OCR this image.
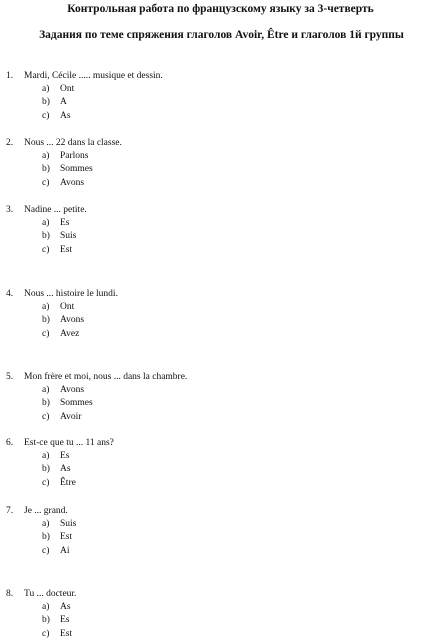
Контрольная работа по французскому языку за 3-четверть
Задания по теме спряжения глаголов Avoir, Être и глаголов 1й группы
1. Mardi, Cécile ..... musique et dessin.
a) Ont
b) A
c) As
2. Nous ... 22 dans la classe.
a) Parlons
b) Sommes
c) Avons
3. Nadine ... petite.
a) Es
b) Suis
c) Est
4. Nous ... histoire le lundi.
a) Ont
b) Avons
c) Avez
5. Mon frère et moi, nous ... dans la chambre.
a) Avons
b) Sommes
c) Avoir
6. Est-ce que tu ... 11 ans?
a) Es
b) As
c) Être
7. Je ... grand.
a) Suis
b) Est
c) Ai
8. Tu ... docteur.
a) As
b) Es
c) Est
